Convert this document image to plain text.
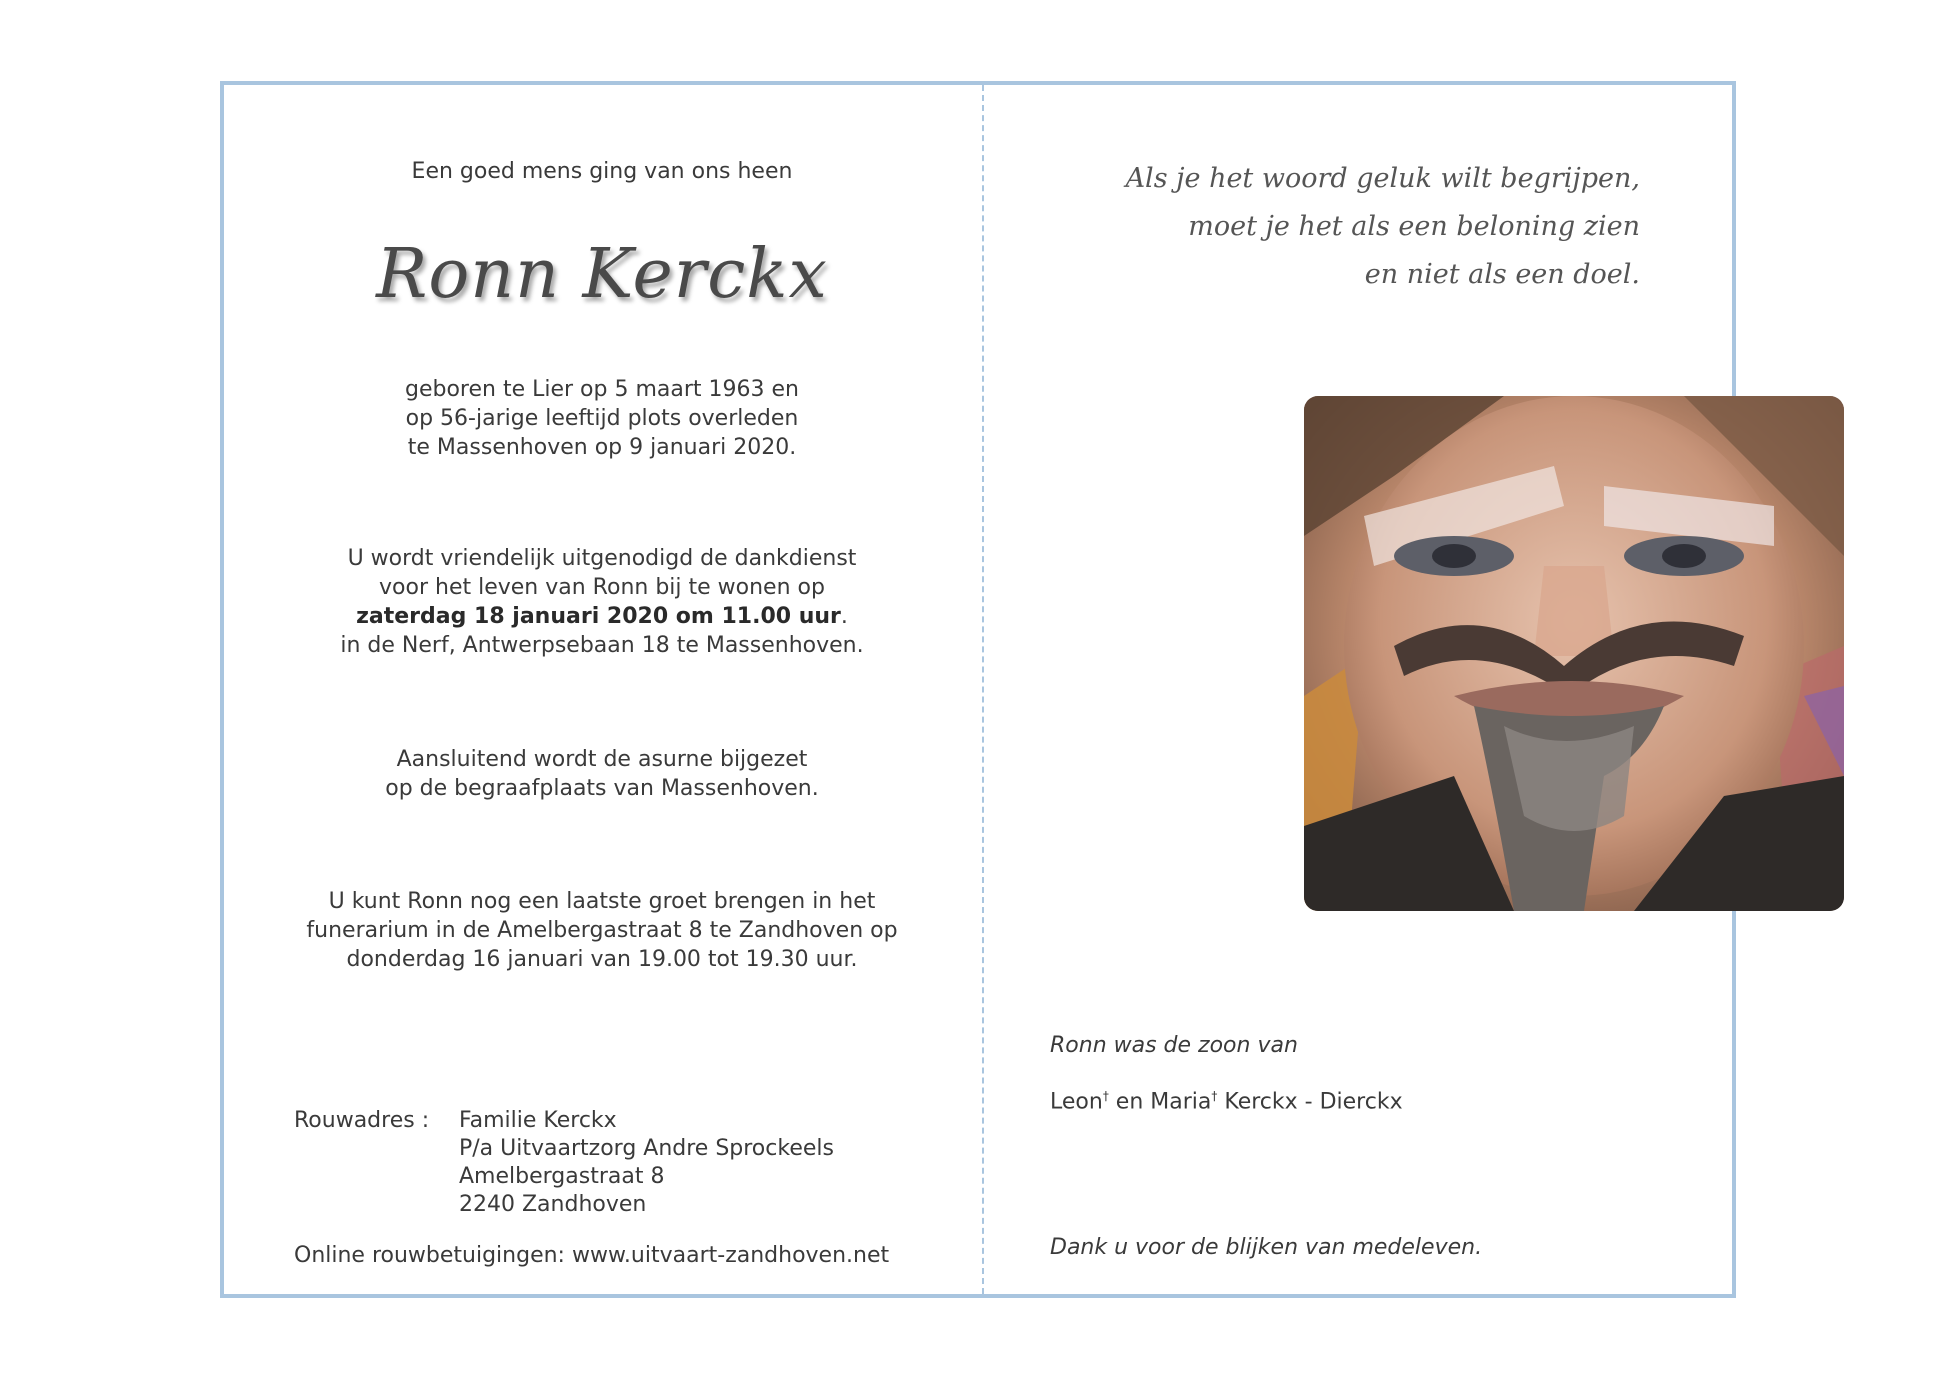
Een goed mens ging van ons heen
Ronn Kerckx
geboren te Lier op 5 maart 1963 en
op 56-jarige leeftijd plots overleden
te Massenhoven op 9 januari 2020.
U wordt vriendelijk uitgenodigd de dankdienst
voor het leven van Ronn bij te wonen op
zaterdag 18 januari 2020 om 11.00 uur.
in de Nerf, Antwerpsebaan 18 te Massenhoven.
Aansluitend wordt de asurne bijgezet
op de begraafplaats van Massenhoven.
U kunt Ronn nog een laatste groet brengen in het
funerarium in de Amelbergastraat 8 te Zandhoven op
donderdag 16 januari van 19.00 tot 19.30 uur.
Rouwadres : Familie Kerckx
P/a Uitvaartzorg Andre Sprockeels
Amelbergastraat 8
2240 Zandhoven
Online rouwbetuigingen: www.uitvaart-zandhoven.net
Als je het woord geluk wilt begrijpen,
moet je het als een beloning zien
en niet als een doel.
Ronn was de zoon van
Leon† en Maria† Kerckx - Dierckx
Dank u voor de blijken van medeleven.
